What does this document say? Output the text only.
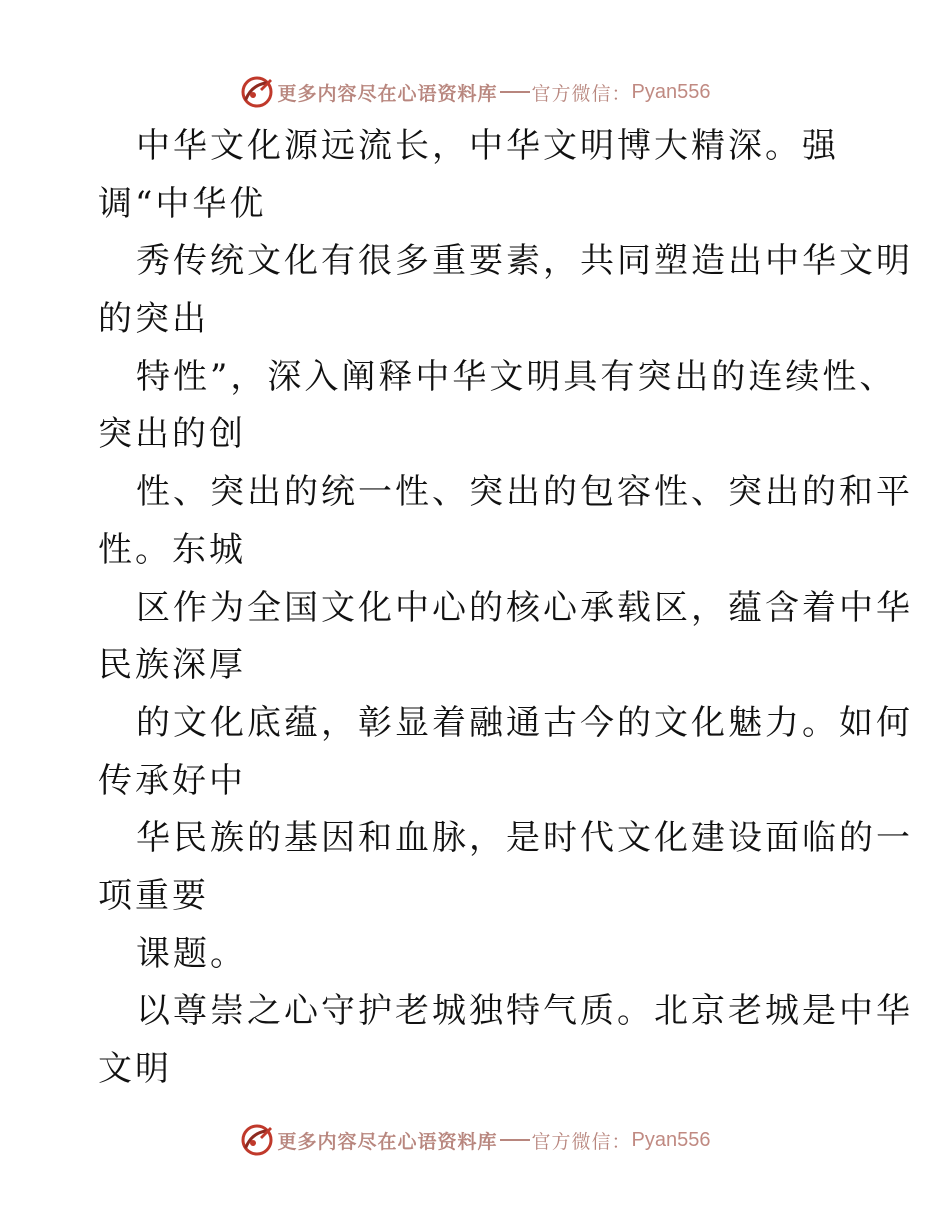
更多内容尽在心语资料库 官方微信： Pyan556
中华文化源远流长，中华文明博大精深。强
调“中华优
秀传统文化有很多重要素，共同塑造出中华文明
的突出
特性”，深入阐释中华文明具有突出的连续性、
突出的创
性、突出的统一性、突出的包容性、突出的和平
性。东城
区作为全国文化中心的核心承载区，蕴含着中华
民族深厚
的文化底蕴，彰显着融通古今的文化魅力。如何
传承好中
华民族的基因和血脉，是时代文化建设面临的一
项重要
课题。
以尊崇之心守护老城独特气质。北京老城是中华
文明
更多内容尽在心语资料库 官方微信： Pyan556
